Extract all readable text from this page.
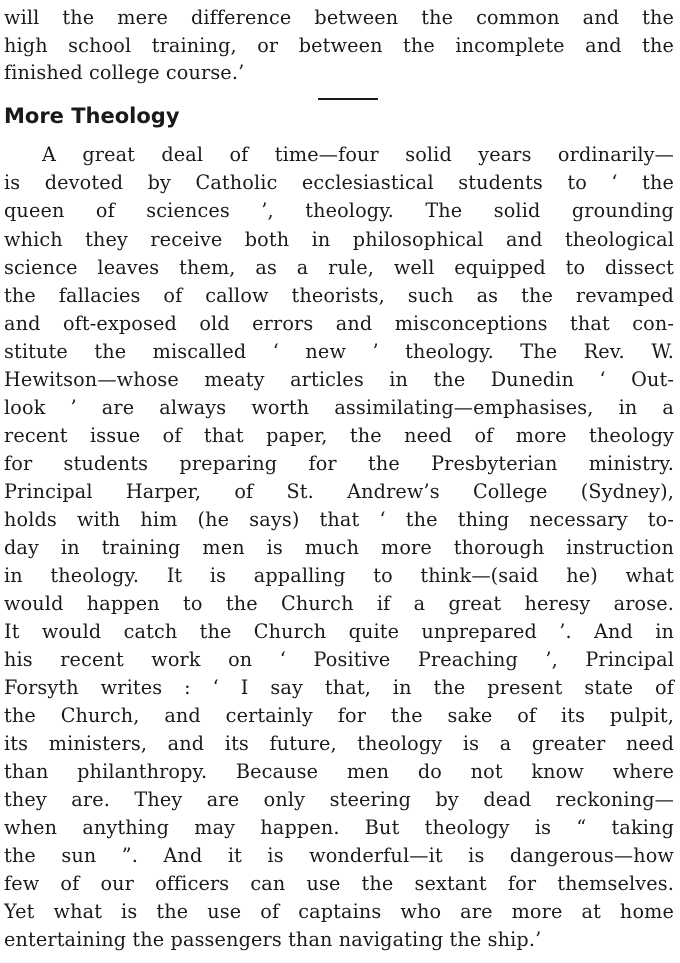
will the mere difference between the common and the
high school training, or between the incomplete and the
finished college course.’
More Theology
A great deal of time—four solid years ordinarily—
is devoted by Catholic ecclesiastical students to ‘ the
queen of sciences ’, theology. The solid grounding
which they receive both in philosophical and theological
science leaves them, as a rule, well equipped to dissect
the fallacies of callow theorists, such as the revamped
and oft-exposed old errors and misconceptions that con-
stitute the miscalled ‘ new ’ theology. The Rev. W.
Hewitson—whose meaty articles in the Dunedin ‘ Out-
look ’ are always worth assimilating—emphasises, in a
recent issue of that paper, the need of more theology
for students preparing for the Presbyterian ministry.
Principal Harper, of St. Andrew’s College (Sydney),
holds with him (he says) that ‘ the thing necessary to-
day in training men is much more thorough instruction
in theology. It is appalling to think—(said he) what
would happen to the Church if a great heresy arose.
It would catch the Church quite unprepared ’. And in
his recent work on ‘ Positive Preaching ’, Principal
Forsyth writes : ‘ I say that, in the present state of
the Church, and certainly for the sake of its pulpit,
its ministers, and its future, theology is a greater need
than philanthropy. Because men do not know where
they are. They are only steering by dead reckoning—
when anything may happen. But theology is “ taking
the sun ”. And it is wonderful—it is dangerous—how
few of our officers can use the sextant for themselves.
Yet what is the use of captains who are more at home
entertaining the passengers than navigating the ship.’
